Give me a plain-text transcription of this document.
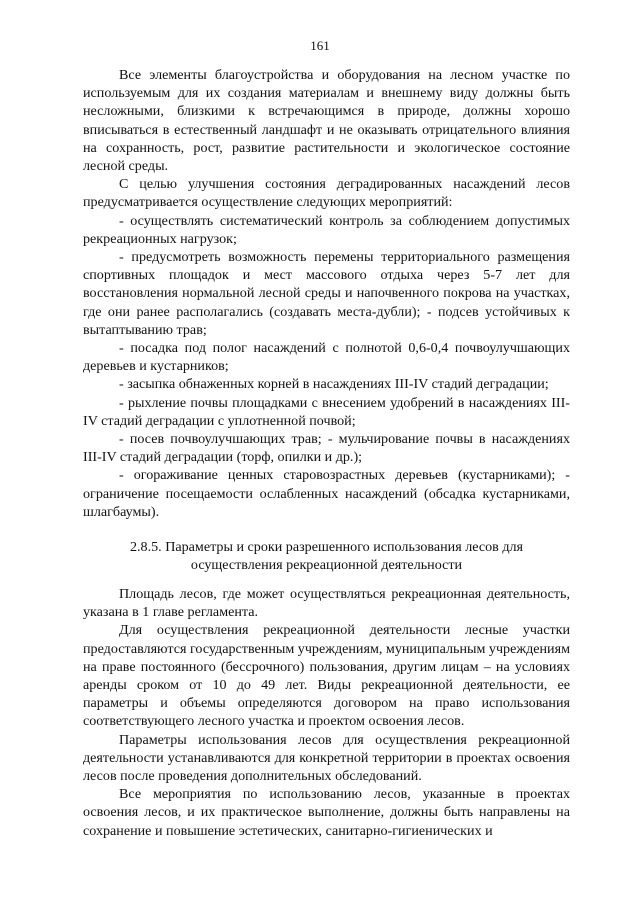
161

Все элементы благоустройства и оборудования на лесном участке по используемым для их создания материалам и внешнему виду должны быть несложными, близкими к встречающимся в природе, должны хорошо вписываться в естественный ландшафт и не оказывать отрицательного влияния на сохранность, рост, развитие растительности и экологическое состояние лесной среды.

С целью улучшения состояния деградированных насаждений лесов предусматривается осуществление следующих мероприятий:

- осуществлять систематический контроль за соблюдением допустимых рекреационных нагрузок;

- предусмотреть возможность перемены территориального размещения спортивных площадок и мест массового отдыха через 5-7 лет для восстановления нормальной лесной среды и напочвенного покрова на участках, где они ранее располагались (создавать места-дубли); - подсев устойчивых к вытаптыванию трав;

- посадка под полог насаждений с полнотой 0,6-0,4 почвоулучшающих деревьев и кустарников;

- засыпка обнаженных корней в насаждениях III-IV стадий деградации;

- рыхление почвы площадками с внесением удобрений в насаждениях III-IV стадий деградации с уплотненной почвой;

- посев почвоулучшающих трав; - мульчирование почвы в насаждениях III-IV стадий деградации (торф, опилки и др.);

- огораживание ценных старовозрастных деревьев (кустарниками); - ограничение посещаемости ослабленных насаждений (обсадка кустарниками, шлагбаумы).

2.8.5. Параметры и сроки разрешенного использования лесов для
осуществления рекреационной деятельности

Площадь лесов, где может осуществляться рекреационная деятельность, указана в 1 главе регламента.

Для осуществления рекреационной деятельности лесные участки предоставляются государственным учреждениям, муниципальным учреждениям на праве постоянного (бессрочного) пользования, другим лицам – на условиях аренды сроком от 10 до 49 лет. Виды рекреационной деятельности, ее параметры и объемы определяются договором на право использования соответствующего лесного участка и проектом освоения лесов.

Параметры использования лесов для осуществления рекреационной деятельности устанавливаются для конкретной территории в проектах освоения лесов после проведения дополнительных обследований.

Все мероприятия по использованию лесов, указанные в проектах освоения лесов, и их практическое выполнение, должны быть направлены на сохранение и повышение эстетических, санитарно-гигиенических и
